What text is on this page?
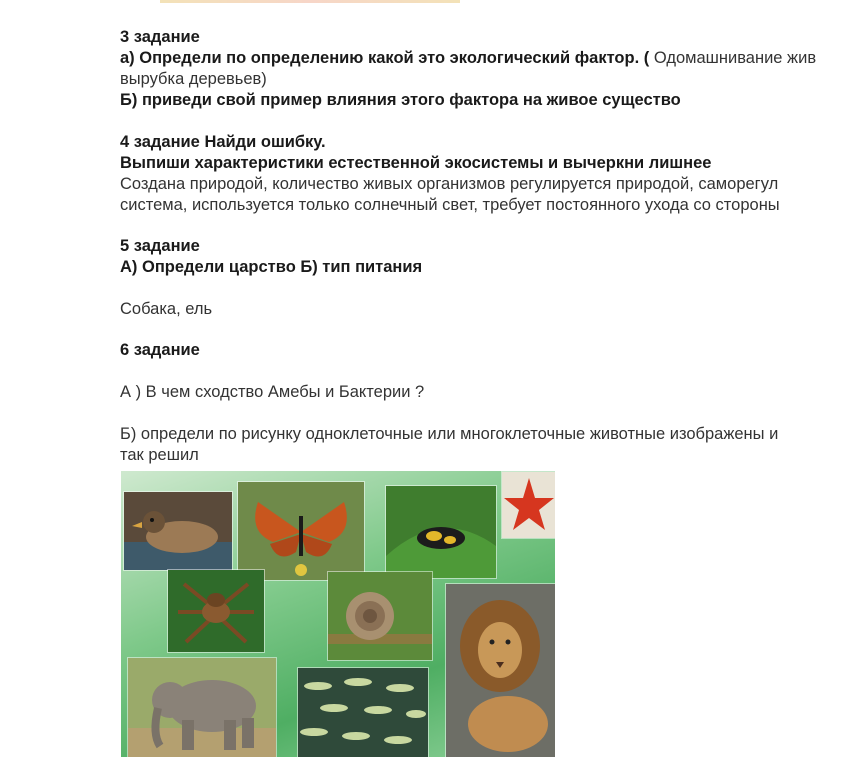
3 задание
а) Определи по определению какой это экологический фактор. ( Одомашнивание жив
вырубка деревьев)
Б) приведи свой пример влияния этого фактора на живое существо
4 задание Найди ошибку.
Выпиши характеристики естественной экосистемы и вычеркни лишнее
Создана природой, количество живых организмов регулируется природой, саморегул
система, используется только солнечный свет, требует постоянного ухода со стороны
5 задание
А) Определи царство Б) тип питания
Собака, ель
6 задание
А ) В чем сходство Амебы и Бактерии ?
Б) определи по рисунку одноклеточные или многоклеточные животные изображены и
так решил
